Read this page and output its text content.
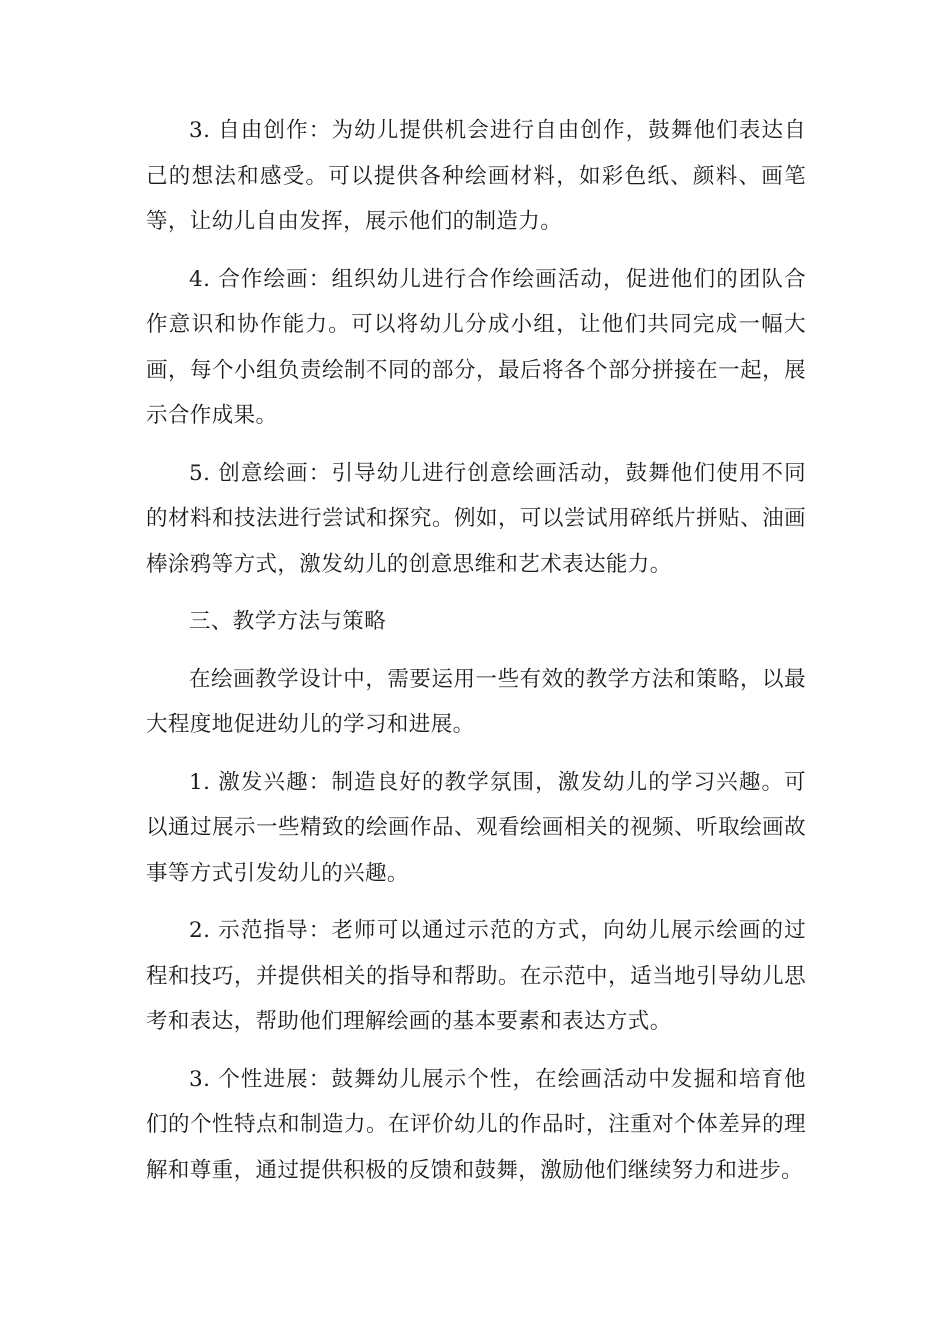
3. 自由创作：为幼儿提供机会进行自由创作，鼓舞他们表达自己的想法和感受。可以提供各种绘画材料，如彩色纸、颜料、画笔等，让幼儿自由发挥，展示他们的制造力。

4. 合作绘画：组织幼儿进行合作绘画活动，促进他们的团队合作意识和协作能力。可以将幼儿分成小组，让他们共同完成一幅大画，每个小组负责绘制不同的部分，最后将各个部分拼接在一起，展示合作成果。

5. 创意绘画：引导幼儿进行创意绘画活动，鼓舞他们使用不同的材料和技法进行尝试和探究。例如，可以尝试用碎纸片拼贴、油画棒涂鸦等方式，激发幼儿的创意思维和艺术表达能力。

三、教学方法与策略

在绘画教学设计中，需要运用一些有效的教学方法和策略，以最大程度地促进幼儿的学习和进展。

1. 激发兴趣：制造良好的教学氛围，激发幼儿的学习兴趣。可以通过展示一些精致的绘画作品、观看绘画相关的视频、听取绘画故事等方式引发幼儿的兴趣。

2. 示范指导：老师可以通过示范的方式，向幼儿展示绘画的过程和技巧，并提供相关的指导和帮助。在示范中，适当地引导幼儿思考和表达，帮助他们理解绘画的基本要素和表达方式。

3. 个性进展：鼓舞幼儿展示个性，在绘画活动中发掘和培育他们的个性特点和制造力。在评价幼儿的作品时，注重对个体差异的理解和尊重，通过提供积极的反馈和鼓舞，激励他们继续努力和进步。
